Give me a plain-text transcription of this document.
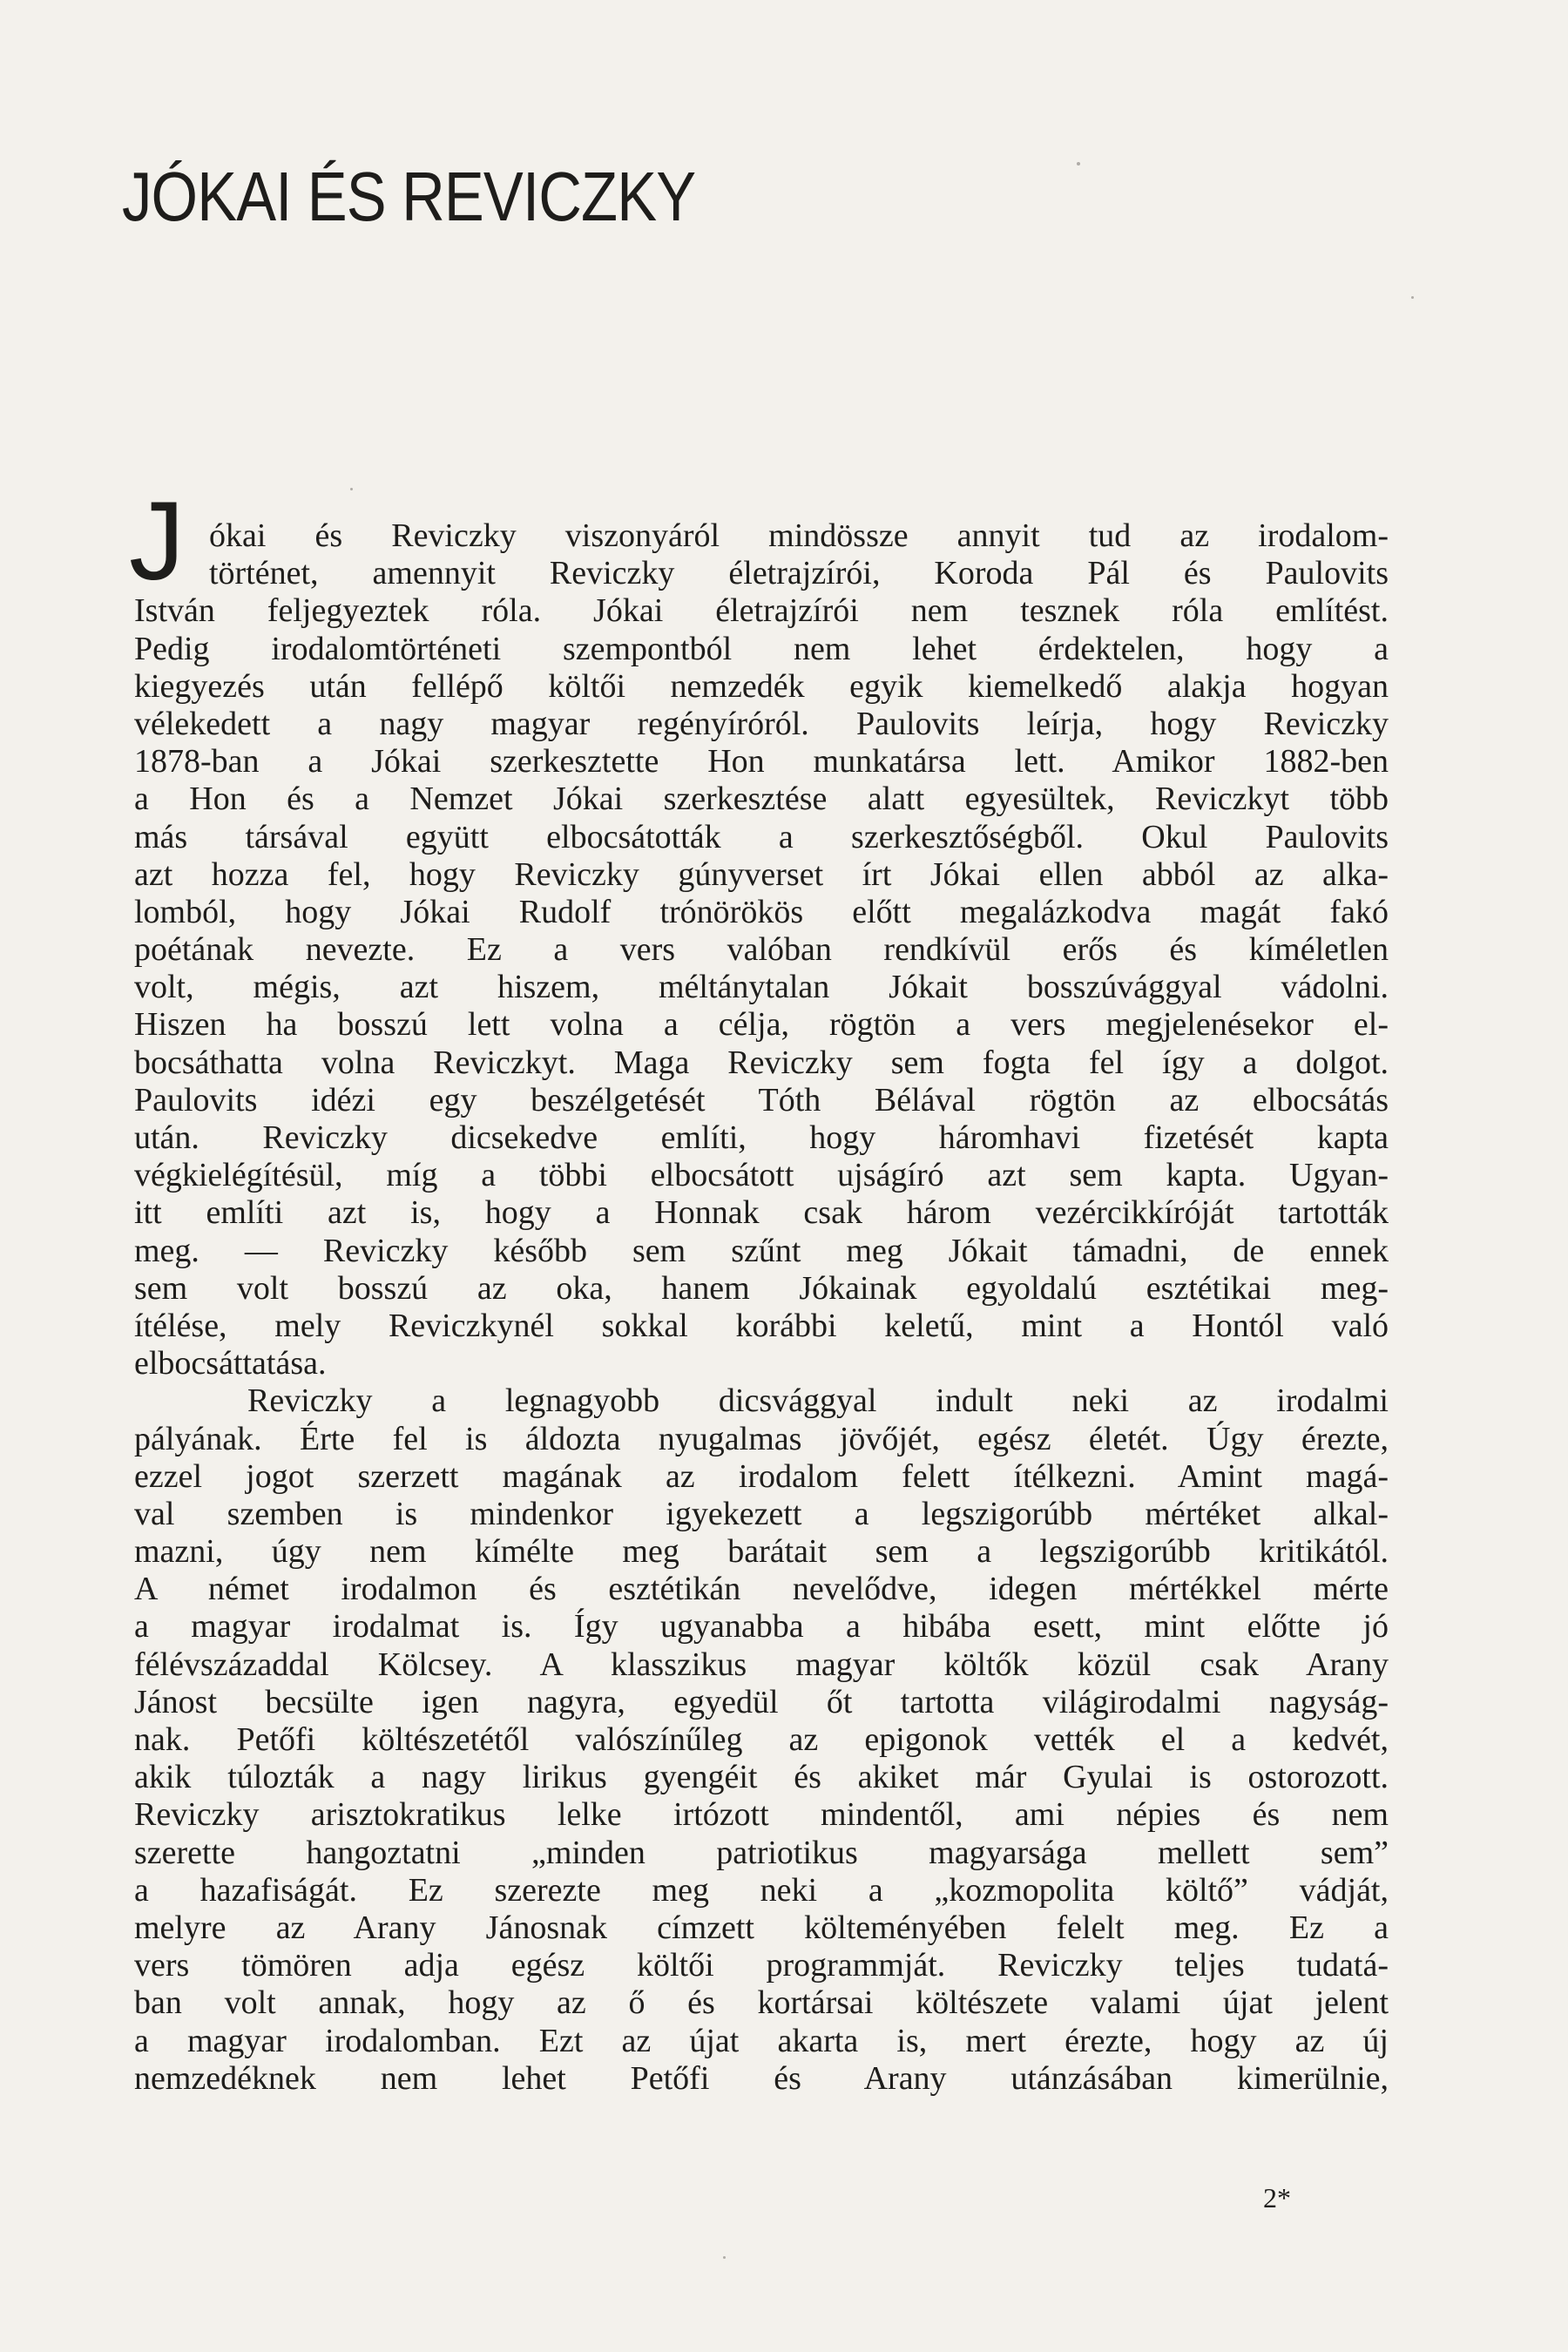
JÓKAI ÉS REVICZKY
J ókai és Reviczky viszonyáról mindössze annyit tud az irodalom-
történet, amennyit Reviczky életrajzírói, Koroda Pál és Paulovits
István feljegyeztek róla. Jókai életrajzírói nem tesznek róla említést.
Pedig irodalomtörténeti szempontból nem lehet érdektelen, hogy a
kiegyezés után fellépő költői nemzedék egyik kiemelkedő alakja hogyan
vélekedett a nagy magyar regényíróról. Paulovits leírja, hogy Reviczky
1878-ban a Jókai szerkesztette Hon munkatársa lett. Amikor 1882-ben
a Hon és a Nemzet Jókai szerkesztése alatt egyesültek, Reviczkyt több
más társával együtt elbocsátották a szerkesztőségből. Okul Paulovits
azt hozza fel, hogy Reviczky gúnyverset írt Jókai ellen abból az alka-
lomból, hogy Jókai Rudolf trónörökös előtt megalázkodva magát fakó
poétának nevezte. Ez a vers valóban rendkívül erős és kíméletlen
volt, mégis, azt hiszem, méltánytalan Jókait bosszúvággyal vádolni.
Hiszen ha bosszú lett volna a célja, rögtön a vers megjelenésekor el-
bocsáthatta volna Reviczkyt. Maga Reviczky sem fogta fel így a dolgot.
Paulovits idézi egy beszélgetését Tóth Bélával rögtön az elbocsátás
után. Reviczky dicsekedve említi, hogy háromhavi fizetését kapta
végkielégítésül, míg a többi elbocsátott ujságíró azt sem kapta. Ugyan-
itt említi azt is, hogy a Honnak csak három vezércikkíróját tartották
meg. — Reviczky később sem szűnt meg Jókait támadni, de ennek
sem volt bosszú az oka, hanem Jókainak egyoldalú esztétikai meg-
ítélése, mely Reviczkynél sokkal korábbi keletű, mint a Hontól való
elbocsáttatása.
Reviczky a legnagyobb dicsvággyal indult neki az irodalmi
pályának. Érte fel is áldozta nyugalmas jövőjét, egész életét. Úgy érezte,
ezzel jogot szerzett magának az irodalom felett ítélkezni. Amint magá-
val szemben is mindenkor igyekezett a legszigorúbb mértéket alkal-
mazni, úgy nem kímélte meg barátait sem a legszigorúbb kritikától.
A német irodalmon és esztétikán nevelődve, idegen mértékkel mérte
a magyar irodalmat is. Így ugyanabba a hibába esett, mint előtte jó
félévszázaddal Kölcsey. A klasszikus magyar költők közül csak Arany
Jánost becsülte igen nagyra, egyedül őt tartotta világirodalmi nagyság-
nak. Petőfi költészetétől valószínűleg az epigonok vették el a kedvét,
akik túlozták a nagy lirikus gyengéit és akiket már Gyulai is ostorozott.
Reviczky arisztokratikus lelke irtózott mindentől, ami népies és nem
szerette hangoztatni „minden patriotikus magyarsága mellett sem”
a hazafiságát. Ez szerezte meg neki a „kozmopolita költő” vádját,
melyre az Arany Jánosnak címzett költeményében felelt meg. Ez a
vers tömören adja egész költői programmját. Reviczky teljes tudatá-
ban volt annak, hogy az ő és kortársai költészete valami újat jelent
a magyar irodalomban. Ezt az újat akarta is, mert érezte, hogy az új
nemzedéknek nem lehet Petőfi és Arany utánzásában kimerülnie,
2*
